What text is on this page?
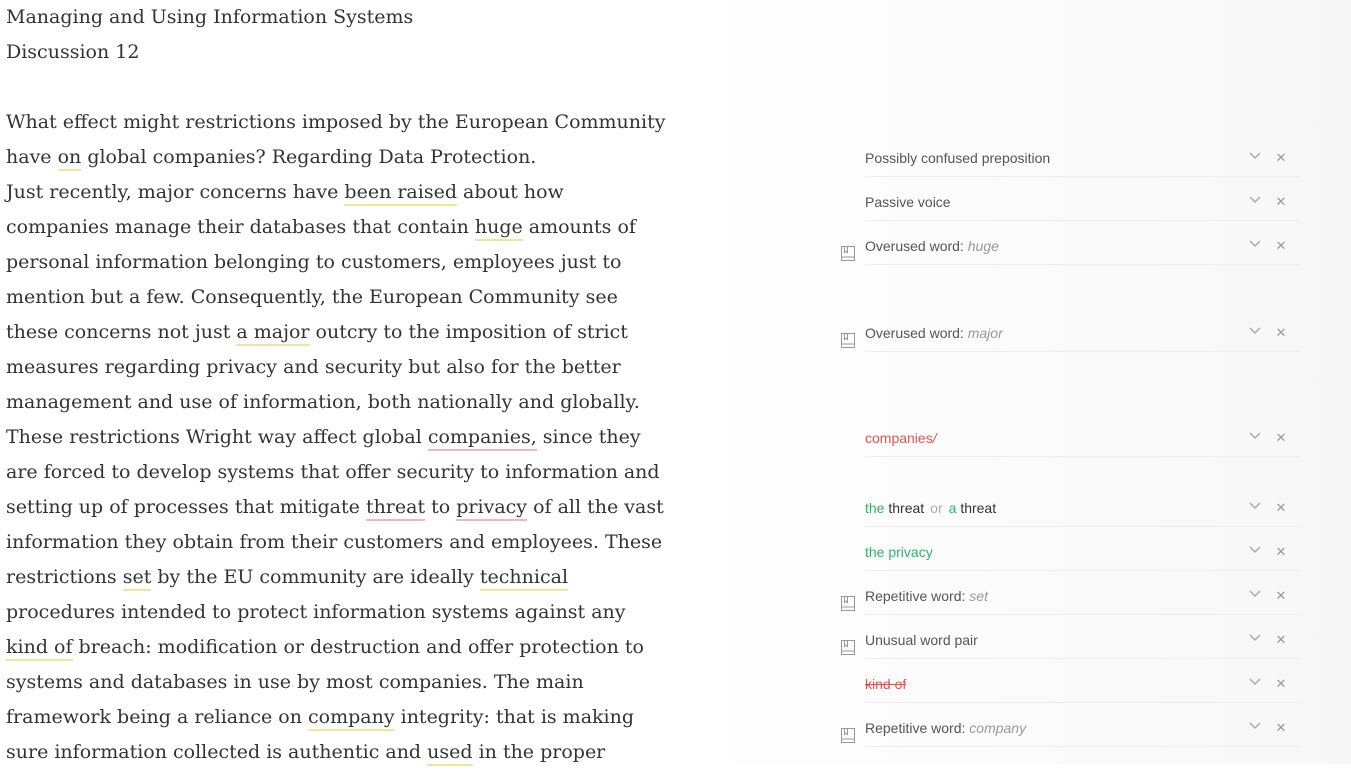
Managing and Using Information Systems
Discussion 12
What effect might restrictions imposed by the European Community
have on global companies? Regarding Data Protection.
Just recently, major concerns have been raised about how
companies manage their databases that contain huge amounts of
personal information belonging to customers, employees just to
mention but a few. Consequently, the European Community see
these concerns not just a major outcry to the imposition of strict
measures regarding privacy and security but also for the better
management and use of information, both nationally and globally.
These restrictions Wright way affect global companies, since they
are forced to develop systems that offer security to information and
setting up of processes that mitigate threat to privacy of all the vast
information they obtain from their customers and employees. These
restrictions set by the EU community are ideally technical
procedures intended to protect information systems against any
kind of breach: modification or destruction and offer protection to
systems and databases in use by most companies. The main
framework being a reliance on company integrity: that is making
sure information collected is authentic and used in the proper
Possibly confused preposition	✕
Passive voice	✕
Overused word: huge	✕
Overused word: major	✕
companies/	✕
the threat or a threat	✕
the privacy	✕
Repetitive word: set	✕
Unusual word pair	✕
kind of	✕
Repetitive word: company	✕
